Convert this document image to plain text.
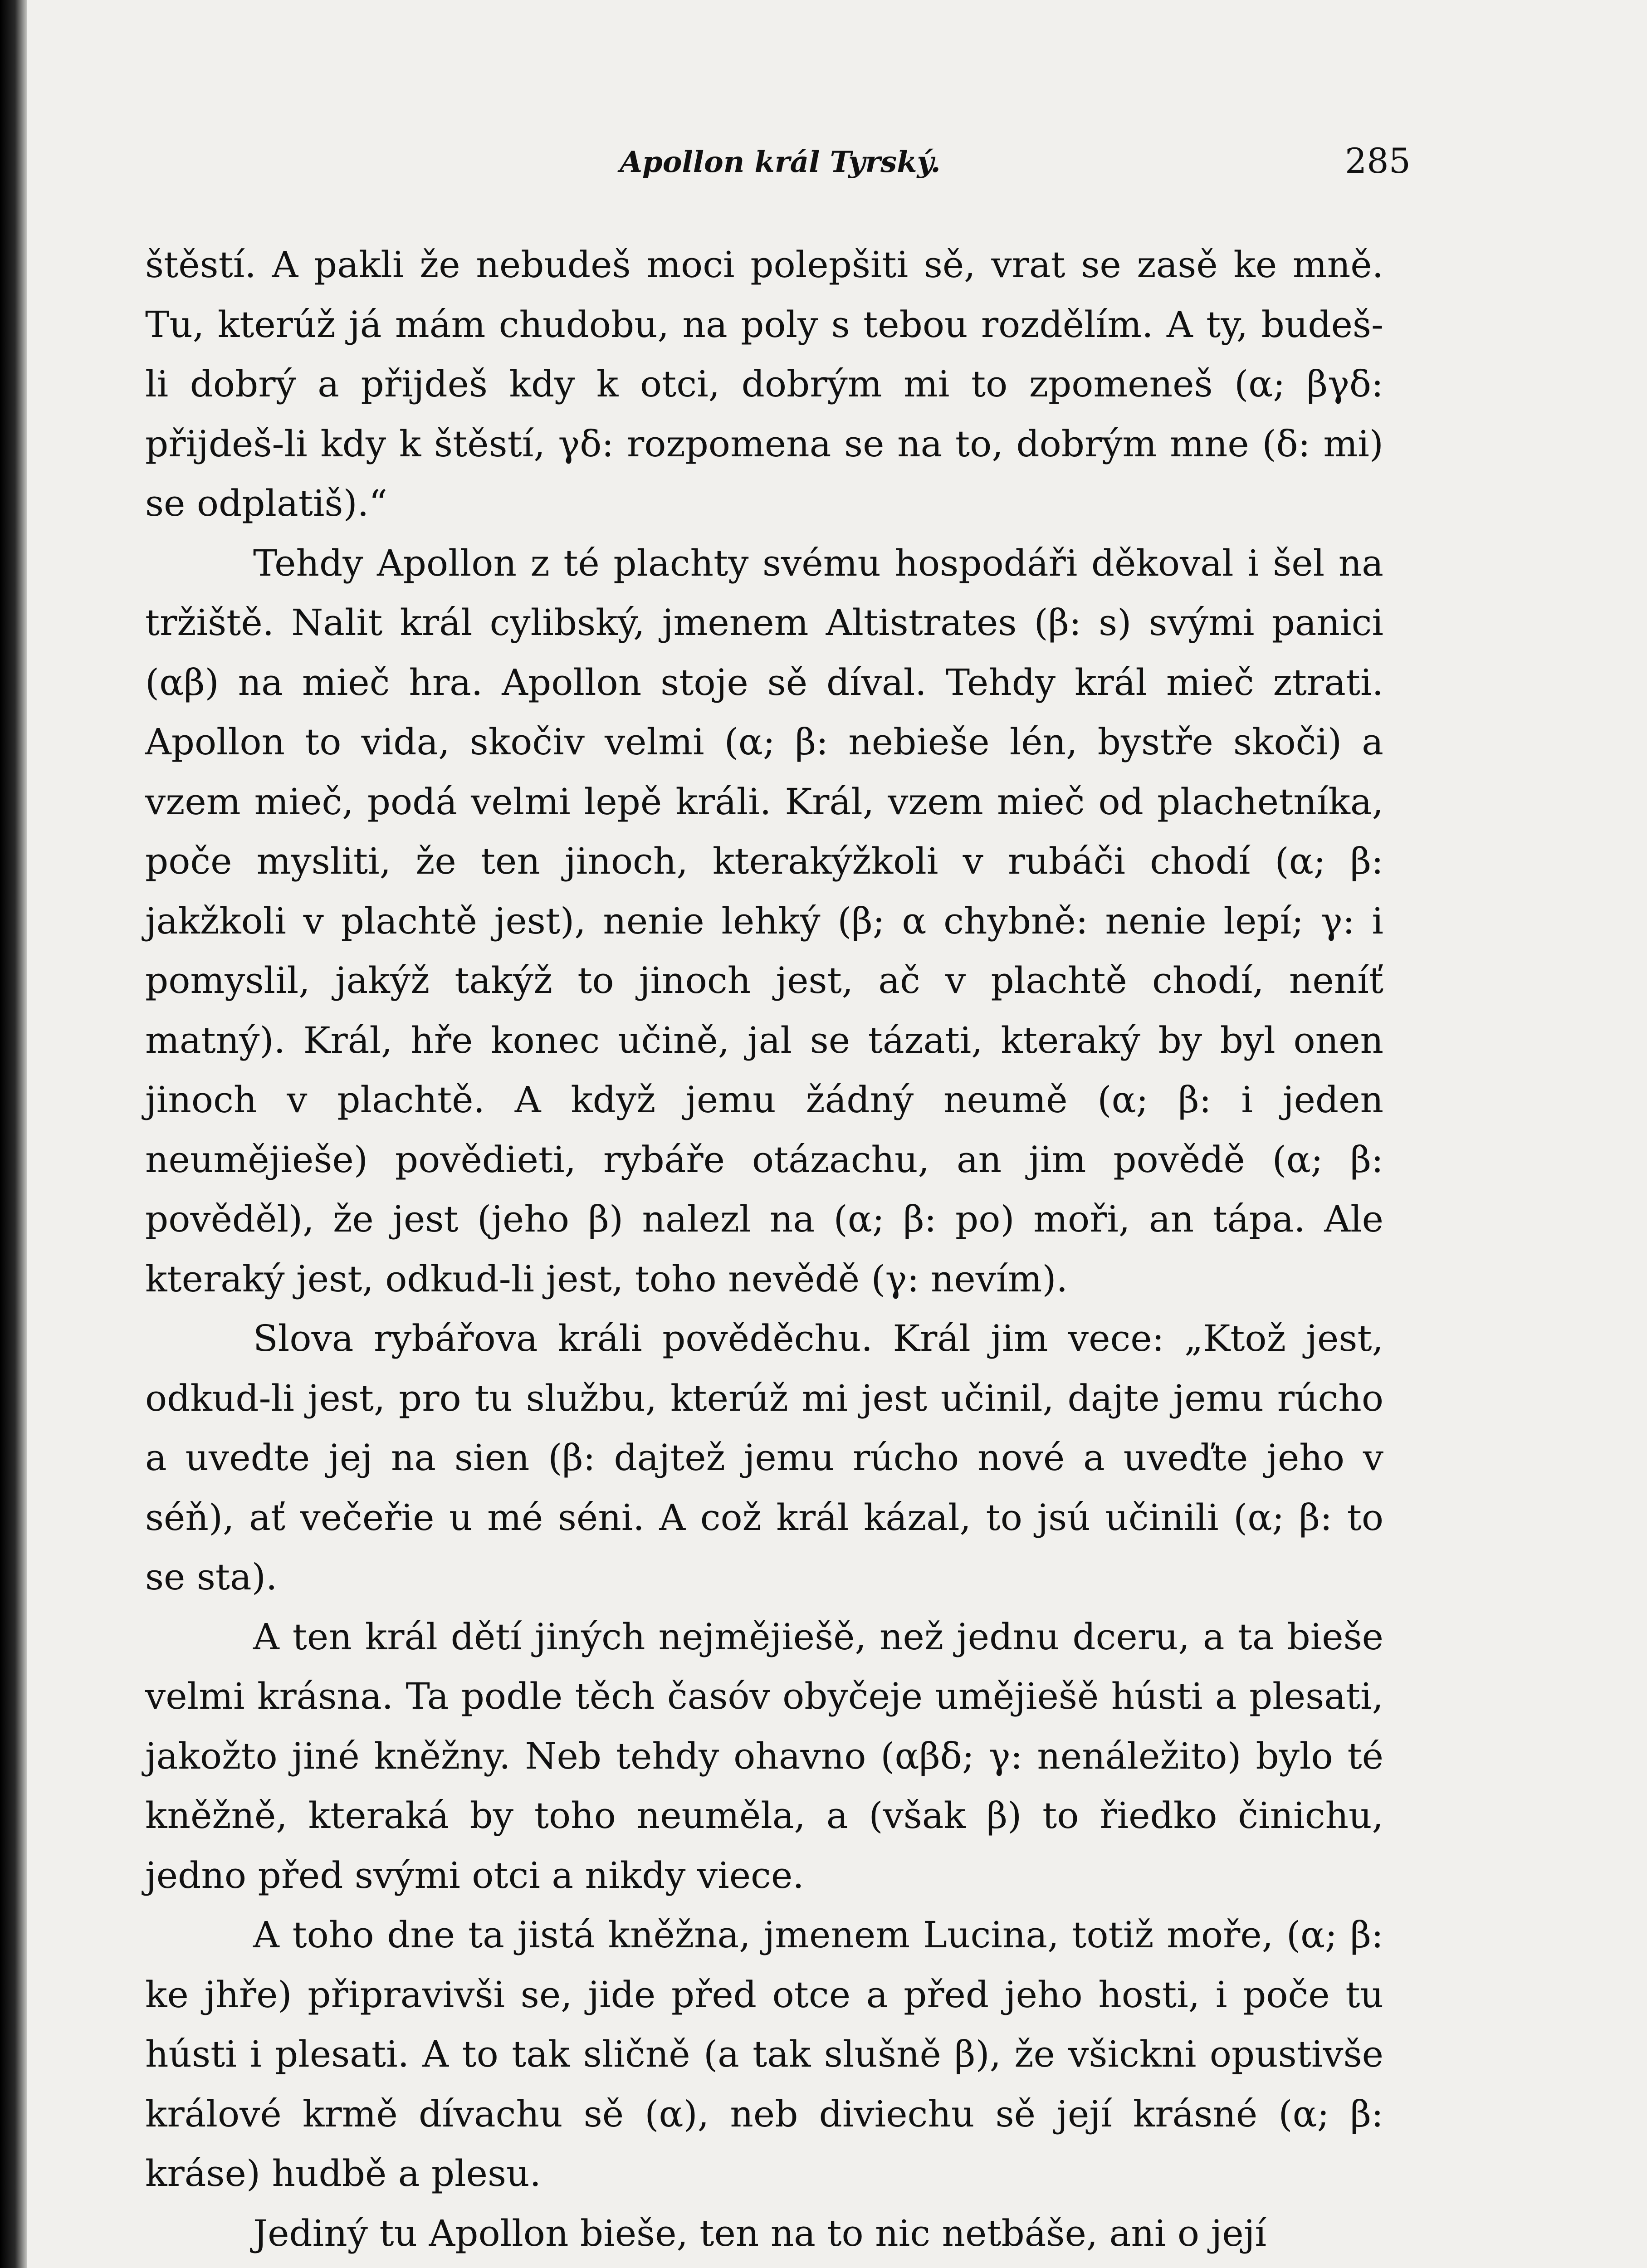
Apollon král Tyrský.	285

štěstí. A pakli že nebudeš moci polepšiti sě, vrat se zasě ke mně. Tu, kterúž já mám chudobu, na poly s tebou rozdělím. A ty, budeš-li dobrý a přijdeš kdy k otci, dobrým mi to zpomeneš (α; βγδ: přijdeš-li kdy k štěstí, γδ: rozpomena se na to, dobrým mne (δ: mi) se odplatiš).“

Tehdy Apollon z té plachty svému hospodáři děkoval i šel na tržiště. Nalit král cylibský, jmenem Altistrates (β: s) svými panici (αβ) na mieč hra. Apollon stoje sě díval. Tehdy král mieč ztrati. Apollon to vida, skočiv velmi (α; β: nebieše lén, bystře skoči) a vzem mieč, podá velmi lepě králi. Král, vzem mieč od plachetníka, poče mysliti, že ten jinoch, kterakýžkoli v rubáči chodí (α; β: jakžkoli v plachtě jest), nenie lehký (β; α chybně: nenie lepí; γ: i pomyslil, jakýž takýž to jinoch jest, ač v plachtě chodí, neníť matný). Král, hře konec učině, jal se tázati, kteraký by byl onen jinoch v plachtě. A když jemu žádný neumě (α; β: i jeden neumějieše) povědieti, rybáře otázachu, an jim povědě (α; β: pověděl), že jest (jeho β) nalezl na (α; β: po) moři, an tápa. Ale kteraký jest, odkud-li jest, toho nevědě (γ: nevím).

Slova rybářova králi pověděchu. Král jim vece: „Ktož jest, odkud-li jest, pro tu službu, kterúž mi jest učinil, dajte jemu rúcho a uvedte jej na sien (β: dajtež jemu rúcho nové a uveďte jeho v séň), ať večeřie u mé séni. A což král kázal, to jsú učinili (α; β: to se sta).

A ten král dětí jiných nejmějiešě, než jednu dceru, a ta bieše velmi krásna. Ta podle těch časóv obyčeje umějiešě hústi a plesati, jakožto jiné kněžny. Neb tehdy ohavno (αβδ; γ: nenáležito) bylo té kněžně, kteraká by toho neuměla, a (však β) to řiedko činichu, jedno před svými otci a nikdy viece.

A toho dne ta jistá kněžna, jmenem Lucina, totiž moře, (α; β: ke jhře) připravivši se, jide před otce a před jeho hosti, i poče tu hústi i plesati. A to tak sličně (a tak slušně β), že všickni opustivše králové krmě dívachu sě (α), neb diviechu sě její krásné (α; β: kráse) hudbě a plesu.

Jediný tu Apollon bieše, ten na to nic netbáše, ani o její
